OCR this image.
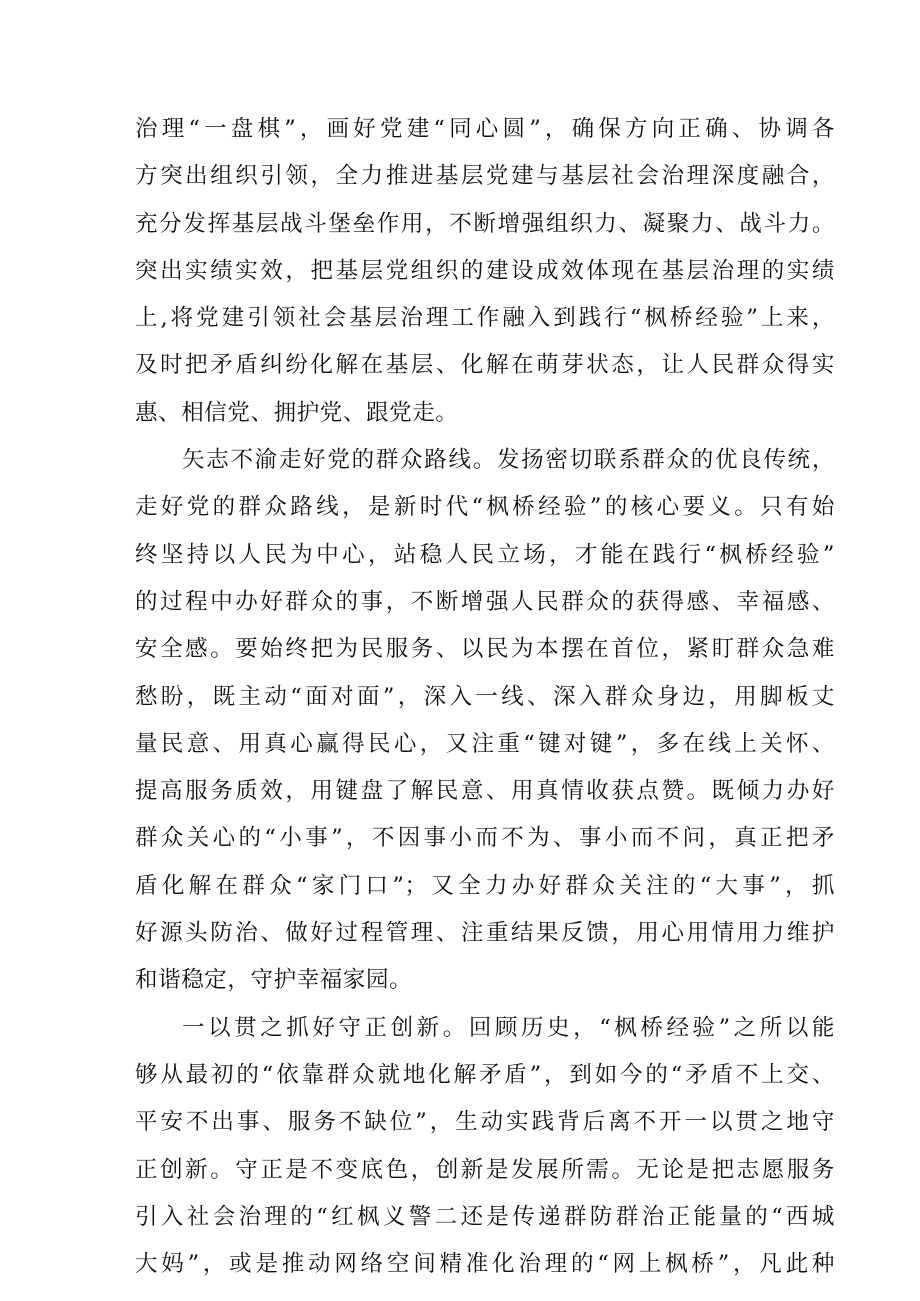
治理“一盘棋”，画好党建“同心圆”，确保方向正确、协调各
方突出组织引领，全力推进基层党建与基层社会治理深度融合，
充分发挥基层战斗堡垒作用，不断增强组织力、凝聚力、战斗力。
突出实绩实效，把基层党组织的建设成效体现在基层治理的实绩
上,将党建引领社会基层治理工作融入到践行“枫桥经验”上来，
及时把矛盾纠纷化解在基层、化解在萌芽状态，让人民群众得实
惠、相信党、拥护党、跟党走。
矢志不渝走好党的群众路线。发扬密切联系群众的优良传统，
走好党的群众路线，是新时代“枫桥经验”的核心要义。只有始
终坚持以人民为中心，站稳人民立场，才能在践行“枫桥经验”
的过程中办好群众的事，不断增强人民群众的获得感、幸福感、
安全感。要始终把为民服务、以民为本摆在首位，紧盯群众急难
愁盼，既主动“面对面”，深入一线、深入群众身边，用脚板丈
量民意、用真心赢得民心，又注重“键对键”，多在线上关怀、
提高服务质效，用键盘了解民意、用真情收获点赞。既倾力办好
群众关心的“小事”，不因事小而不为、事小而不问，真正把矛
盾化解在群众“家门口”；又全力办好群众关注的“大事”，抓
好源头防治、做好过程管理、注重结果反馈，用心用情用力维护
和谐稳定，守护幸福家园。
一以贯之抓好守正创新。回顾历史，“枫桥经验”之所以能
够从最初的“依靠群众就地化解矛盾”，到如今的“矛盾不上交、
平安不出事、服务不缺位”，生动实践背后离不开一以贯之地守
正创新。守正是不变底色，创新是发展所需。无论是把志愿服务
引入社会治理的“红枫义警二还是传递群防群治正能量的“西城
大妈”，或是推动网络空间精准化治理的“网上枫桥”，凡此种
